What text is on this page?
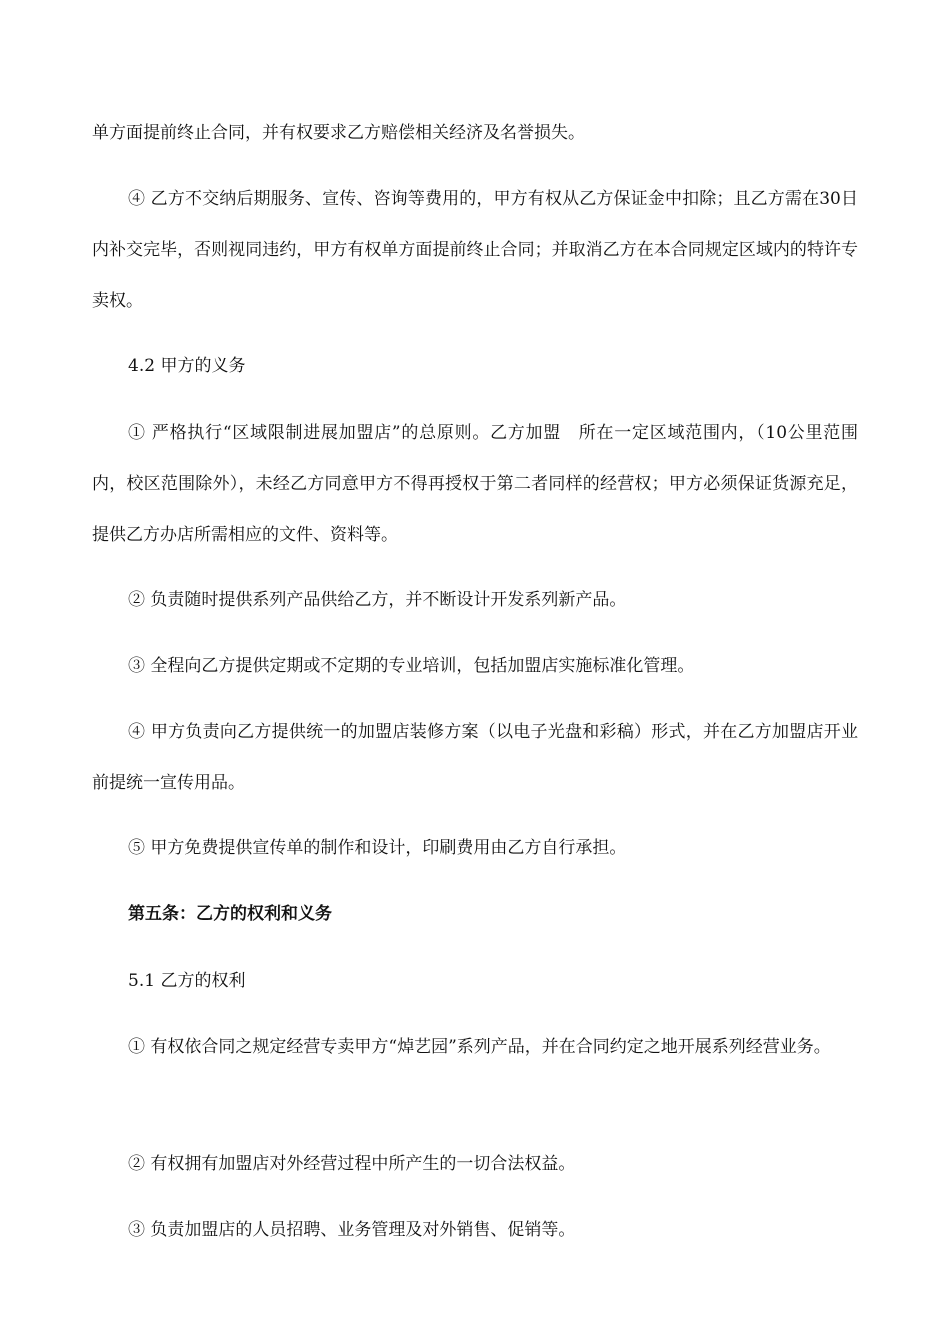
单方面提前终止合同，并有权要求乙方赔偿相关经济及名誉损失。

④ 乙方不交纳后期服务、宣传、咨询等费用的，甲方有权从乙方保证金中扣除；且乙方需在30日内补交完毕，否则视同违约，甲方有权单方面提前终止合同；并取消乙方在本合同规定区域内的特许专卖权。

4.2 甲方的义务

① 严格执行“区域限制进展加盟店”的总原则。乙方加盟　所在一定区域范围内，（10公里范围内，校区范围除外），未经乙方同意甲方不得再授权于第二者同样的经营权；甲方必须保证货源充足，提供乙方办店所需相应的文件、资料等。

② 负责随时提供系列产品供给乙方，并不断设计开发系列新产品。

③ 全程向乙方提供定期或不定期的专业培训，包括加盟店实施标准化管理。

④ 甲方负责向乙方提供统一的加盟店装修方案（以电子光盘和彩稿）形式，并在乙方加盟店开业前提统一宣传用品。

⑤ 甲方免费提供宣传单的制作和设计，印刷费用由乙方自行承担。

第五条：乙方的权利和义务

5.1 乙方的权利

① 有权依合同之规定经营专卖甲方“焯艺园”系列产品，并在合同约定之地开展系列经营业务。

② 有权拥有加盟店对外经营过程中所产生的一切合法权益。

③ 负责加盟店的人员招聘、业务管理及对外销售、促销等。
